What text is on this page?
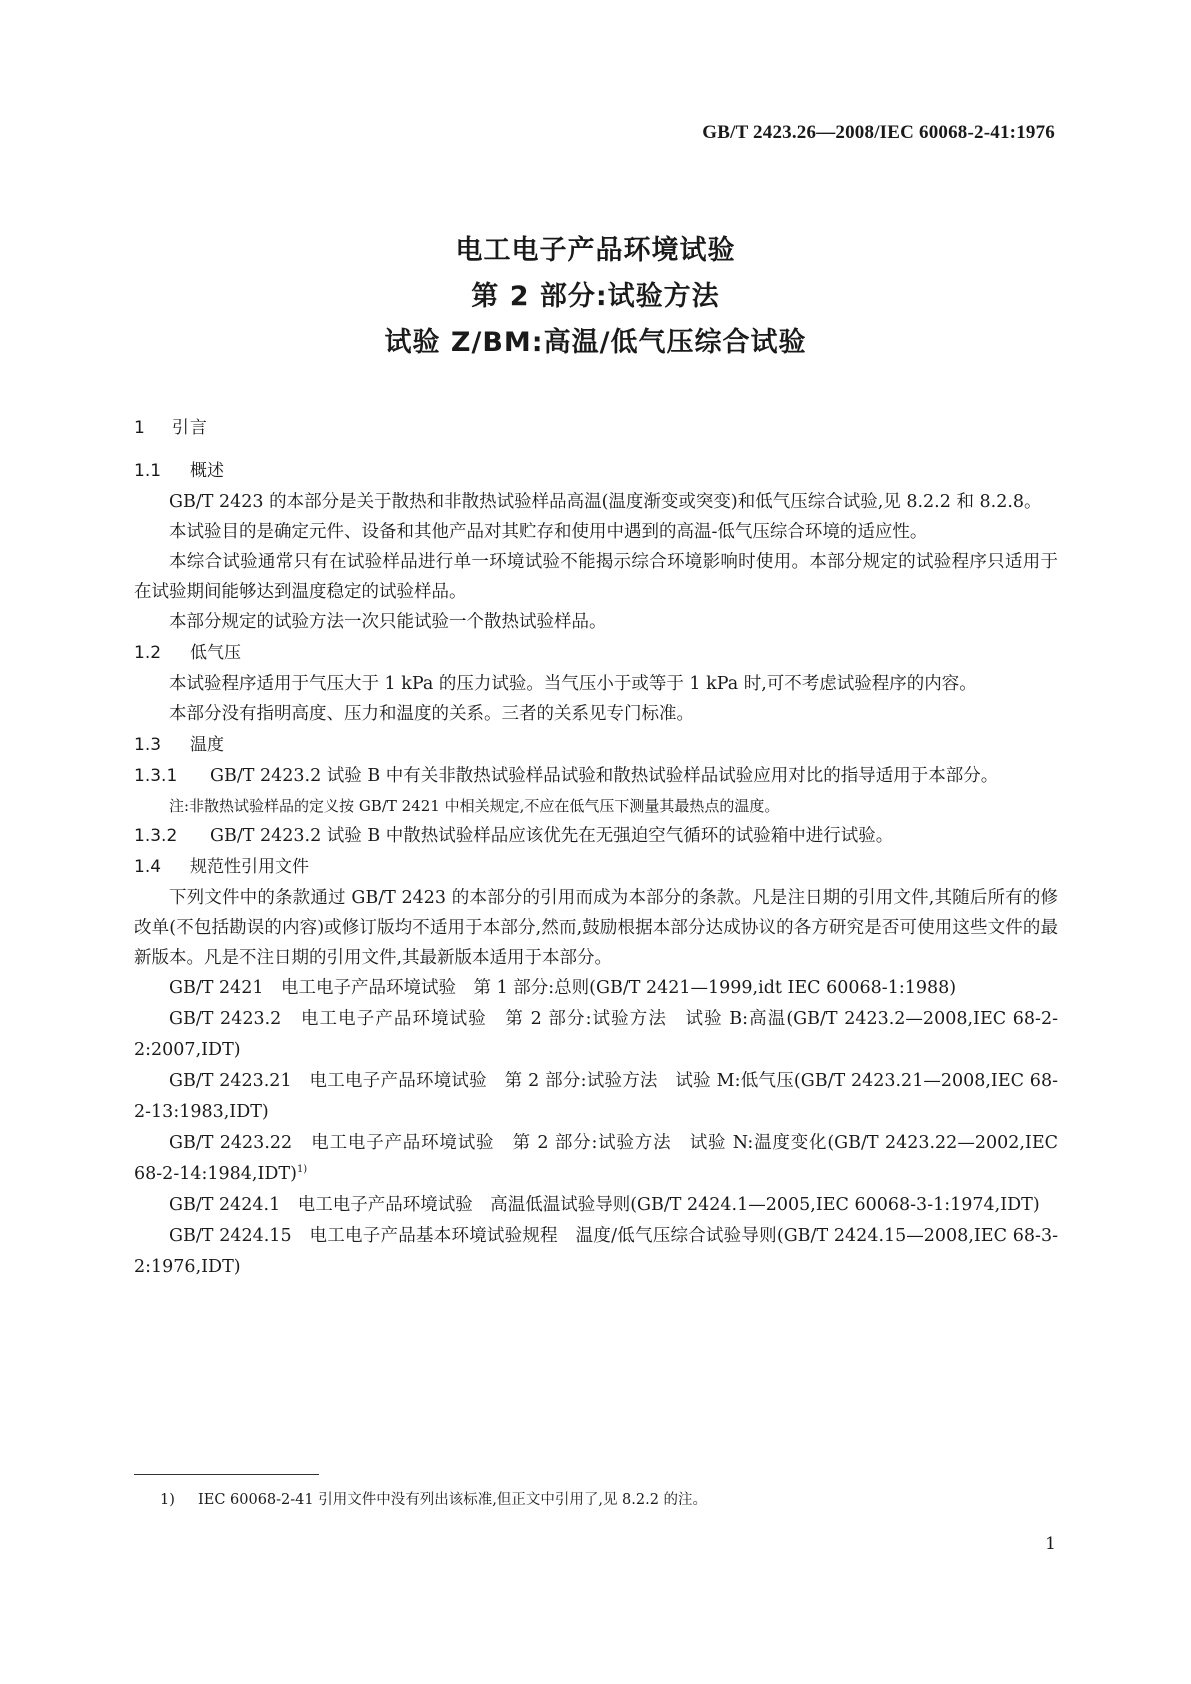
GB/T 2423.26—2008/IEC 60068-2-41:1976
电工电子产品环境试验
第 2 部分:试验方法
试验 Z/BM:高温/低气压综合试验
1 引言
1.1 概述

GB/T 2423 的本部分是关于散热和非散热试验样品高温(温度渐变或突变)和低气压综合试验,见 8.2.2 和 8.2.8。

本试验目的是确定元件、设备和其他产品对其贮存和使用中遇到的高温-低气压综合环境的适应性。

本综合试验通常只有在试验样品进行单一环境试验不能揭示综合环境影响时使用。本部分规定的试验程序只适用于在试验期间能够达到温度稳定的试验样品。

本部分规定的试验方法一次只能试验一个散热试验样品。

1.2 低气压

本试验程序适用于气压大于 1 kPa 的压力试验。当气压小于或等于 1 kPa 时,可不考虑试验程序的内容。

本部分没有指明高度、压力和温度的关系。三者的关系见专门标准。

1.3 温度

1.3.1 GB/T 2423.2 试验 B 中有关非散热试验样品试验和散热试验样品试验应用对比的指导适用于本部分。

注:非散热试验样品的定义按 GB/T 2421 中相关规定,不应在低气压下测量其最热点的温度。

1.3.2 GB/T 2423.2 试验 B 中散热试验样品应该优先在无强迫空气循环的试验箱中进行试验。

1.4 规范性引用文件

下列文件中的条款通过 GB/T 2423 的本部分的引用而成为本部分的条款。凡是注日期的引用文件,其随后所有的修改单(不包括勘误的内容)或修订版均不适用于本部分,然而,鼓励根据本部分达成协议的各方研究是否可使用这些文件的最新版本。凡是不注日期的引用文件,其最新版本适用于本部分。

GB/T 2421　电工电子产品环境试验　第 1 部分:总则(GB/T 2421—1999,idt IEC 60068-1:1988)

GB/T 2423.2　电工电子产品环境试验　第 2 部分:试验方法　试验 B:高温(GB/T 2423.2—2008,IEC 68-2-2:2007,IDT)

GB/T 2423.21　电工电子产品环境试验　第 2 部分:试验方法　试验 M:低气压(GB/T 2423.21—2008,IEC 68-2-13:1983,IDT)

GB/T 2423.22　电工电子产品环境试验　第 2 部分:试验方法　试验 N:温度变化(GB/T 2423.22—2002,IEC 68-2-14:1984,IDT)$^{1)}$

GB/T 2424.1　电工电子产品环境试验　高温低温试验导则(GB/T 2424.1—2005,IEC 60068-3-1:1974,IDT)

GB/T 2424.15　电工电子产品基本环境试验规程　温度/低气压综合试验导则(GB/T 2424.15—2008,IEC 68-3-2:1976,IDT)

1) IEC 60068-2-41 引用文件中没有列出该标准,但正文中引用了,见 8.2.2 的注。
1
